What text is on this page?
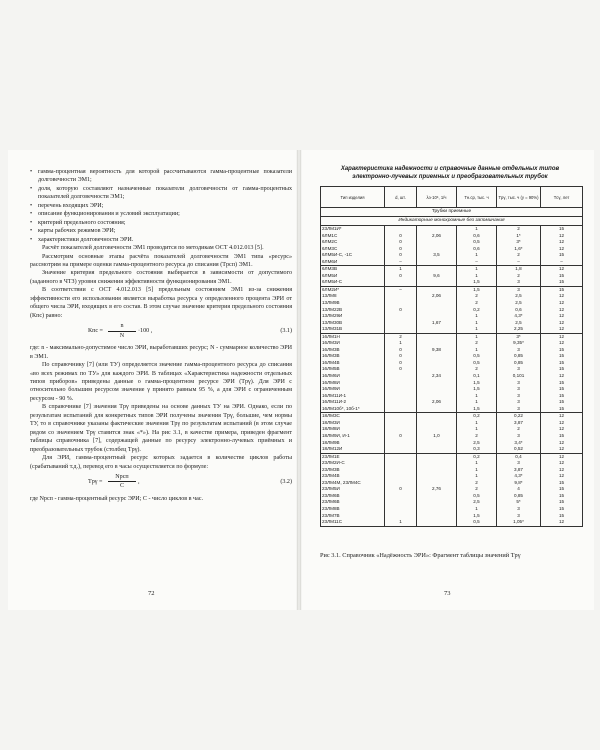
• гамма-процентная вероятность для которой рассчитываются гамма-процентные показатели долговечности ЭМ1;
• доля, которую составляют назначенные показатели долговечности от гамма-процентных показателей долговечности ЭМ1;
• перечень входящих ЭРИ;
• описание функционирования и условий эксплуатации;
• критерий предельного состояния;
• карты рабочих режимов ЭРИ;
• характеристики долговечности ЭРИ.

Расчёт показателей долговечности ЭМ1 проводится по методикам ОСТ 4.012.013 [5].

Рассмотрим основные этапы расчёта показателей долговечности ЭМ1 типа «ресурс» рассмотрим на примере оценки гамма-процентного ресурса до списания (Tрсп) ЭМ1.

Значение критерия предельного состояния выбирается в зависимости от допустимого (заданного в ЧТЗ) уровня снижения эффективности функционирования ЭМ1.

В соответствии с ОСТ 4.012.013 [5] предельным состоянием ЭМ1 из-за снижения эффективности его использования является выработка ресурса у определенного процента ЭРИ от общего числа ЭРИ, входящих в его состав. В этом случае значение критерия предельного состояния (Кпс) равно:

Кпс = $\frac{n}{N} \cdot 100$ ,	(3.1)

где: n - максимально-допустимое число ЭРИ, выработавших ресурс; N - суммарное количество ЭРИ в ЭМ1.

По справочнику [7] (или ТУ) определяется значение гамма-процентного ресурса до списания «во всех режимах по ТУ» для каждого ЭРИ. В таблицах «Характеристика надежности отдельных типов приборов» приведены данные о гамма-процентном ресурсе ЭРИ (Tрγ). Для ЭРИ с относительно большим ресурсом значение γ принято равным 95 %, а для ЭРИ с ограниченным ресурсом - 90 %.

В справочнике [7] значения Tрγ приведены на основе данных ТУ на ЭРИ. Однако, если по результатам испытаний для конкретных типов ЭРИ получены значения Tрγ, большие, чем нормы ТУ, то в справочнике указаны фактические значения Tрγ по результатам испытаний (в этом случае рядом со значением Tрγ ставится знак «*»). На рис 3.1, в качестве примера, приведен фрагмент таблицы справочника [7], содержащей данные по ресурсу электронно-лучевых приёмных и преобразовательных трубок (столбец Tрγ).

Для ЭРИ, гамма-процентный ресурс которых задается в количестве циклов работы (срабатываний т.д.), перевод его в часы осуществляется по формуле:

Tрγ =
Nрсп
C
,	(3.2)

где Nрсп - гамма-процентный ресурс ЭРИ; C - число циклов в час.

72
Характеристика надежности и справочные данные отдельных типов
электронно-лучевых приемных и преобразовательных трубок
Тип изделия	d, шт.	λэ·10⁶, 1/ч	Tн.ср, тыс. ч	Tрγ, тыс. ч (γ = 90%)	Tсγ, лет
Трубки приемные					
Индикаторные монохромные без запоминания					
23ЛМ1И*			1	2	15
6ЛМ1С	0	2,06	0,6	1*	12
6ЛМ2С	0		0,5	3*	12
6ЛМ3С	0		0,6	1,6*	12
6ЛМ5И-С, -1С	0	3,5	1	2	15
6ЛМ6И	–		–	–	–
6ЛМ3В	1		1	1,8	12
6ЛМ5И	0	9,6	1	2	15
6ЛМ5И-С			1,5	3	15
6ЛМ2И*	–		1,5	3	15
13ЛМ8		2,06	2	2,5	12
13ЛМ9В			2	2,5	12
13ЛМ22В	0		0,2	0,6	12
13ЛМ29И			1	4,3*	12
13ЛМ30В		1,67	1	2,5	12
13ЛМ31В			1	2,25	12
16ЛМ1Н	2		1	3*	12
16ЛМ3И	1		2	9,35*	12
16ЛМ3В	0	9,38	1	3	15
16ЛМ3В	0		0,5	0,85	15
16ЛМ4В	0		0,5	0,85	15
16ЛМ5В	0		2	3	15
16ЛМ6И		2,34	0,1	0,101	12
16ЛМ8И			1,5	3	15
16ЛМ9И			1,5	3	15
16ЛМ11И-1			1	3	15
16ЛМ11И-2		2,06	1	3	15
16ЛМ10б*, 10б-1*			1,5	3	15
18ЛМ3С			0,2	0,22	12
18ЛМ3И			1	3,87	12
18ЛМ8И			1	2	12
18ЛМ9И, И-1	0	1,0	2	3	15
18ЛМ9В			2,5	3,4*	12
18ЛМ12И			0,3	0,52	12
23ЛМ1Е			0,2	0,4	12
23ЛМ2И-С			1	3	12
23ЛМ3В			1	3,87	12
23ЛМ4В			1	4,3*	12
23ЛМ4М, 23ЛМ4С			2	9,8*	15
23ЛМ5И	0	2,76	2	4	15
23ЛМ6В			0,5	0,85	15
23ЛМ6В			2,5	5*	15
23ЛМ8В			1	3	15
23ЛМ7В			1,5	3	15
23ЛМ11С	1		0,5	1,05*	12
Рис 3.1. Справочник «Надёжность ЭРИ»: Фрагмент таблицы значений Tрγ
73
